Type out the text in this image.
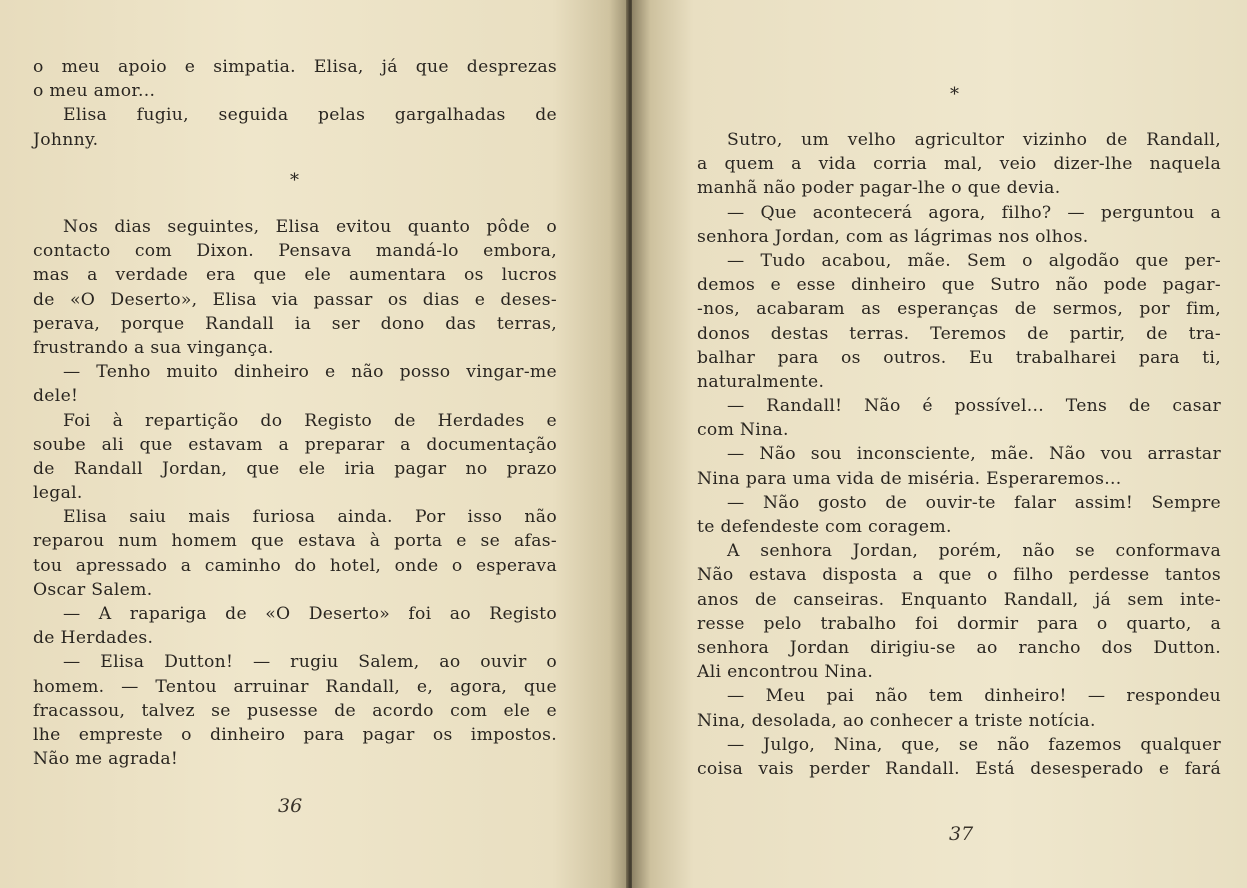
o meu apoio e simpatia. Elisa, já que desprezas
o meu amor...
Elisa fugiu, seguida pelas gargalhadas de
Johnny.
*
Nos dias seguintes, Elisa evitou quanto pôde o
contacto com Dixon. Pensava mandá-lo embora,
mas a verdade era que ele aumentara os lucros
de «O Deserto», Elisa via passar os dias e deses-
perava, porque Randall ia ser dono das terras,
frustrando a sua vingança.
— Tenho muito dinheiro e não posso vingar-me
dele!
Foi à repartição do Registo de Herdades e
soube ali que estavam a preparar a documentação
de Randall Jordan, que ele iria pagar no prazo
legal.
Elisa saiu mais furiosa ainda. Por isso não
reparou num homem que estava à porta e se afas-
tou apressado a caminho do hotel, onde o esperava
Oscar Salem.
— A rapariga de «O Deserto» foi ao Registo
de Herdades.
— Elisa Dutton! — rugiu Salem, ao ouvir o
homem. — Tentou arruinar Randall, e, agora, que
fracassou, talvez se pusesse de acordo com ele e
lhe empreste o dinheiro para pagar os impostos.
Não me agrada!
36
*
Sutro, um velho agricultor vizinho de Randall,
a quem a vida corria mal, veio dizer-lhe naquela
manhã não poder pagar-lhe o que devia.
— Que acontecerá agora, filho? — perguntou a
senhora Jordan, com as lágrimas nos olhos.
— Tudo acabou, mãe. Sem o algodão que per-
demos e esse dinheiro que Sutro não pode pagar-
-nos, acabaram as esperanças de sermos, por fim,
donos destas terras. Teremos de partir, de tra-
balhar para os outros. Eu trabalharei para ti,
naturalmente.
— Randall! Não é possível... Tens de casar
com Nina.
— Não sou inconsciente, mãe. Não vou arrastar
Nina para uma vida de miséria. Esperaremos...
— Não gosto de ouvir-te falar assim! Sempre
te defendeste com coragem.
A senhora Jordan, porém, não se conformava
Não estava disposta a que o filho perdesse tantos
anos de canseiras. Enquanto Randall, já sem inte-
resse pelo trabalho foi dormir para o quarto, a
senhora Jordan dirigiu-se ao rancho dos Dutton.
Ali encontrou Nina.
— Meu pai não tem dinheiro! — respondeu
Nina, desolada, ao conhecer a triste notícia.
— Julgo, Nina, que, se não fazemos qualquer
coisa vais perder Randall. Está desesperado e fará
37
